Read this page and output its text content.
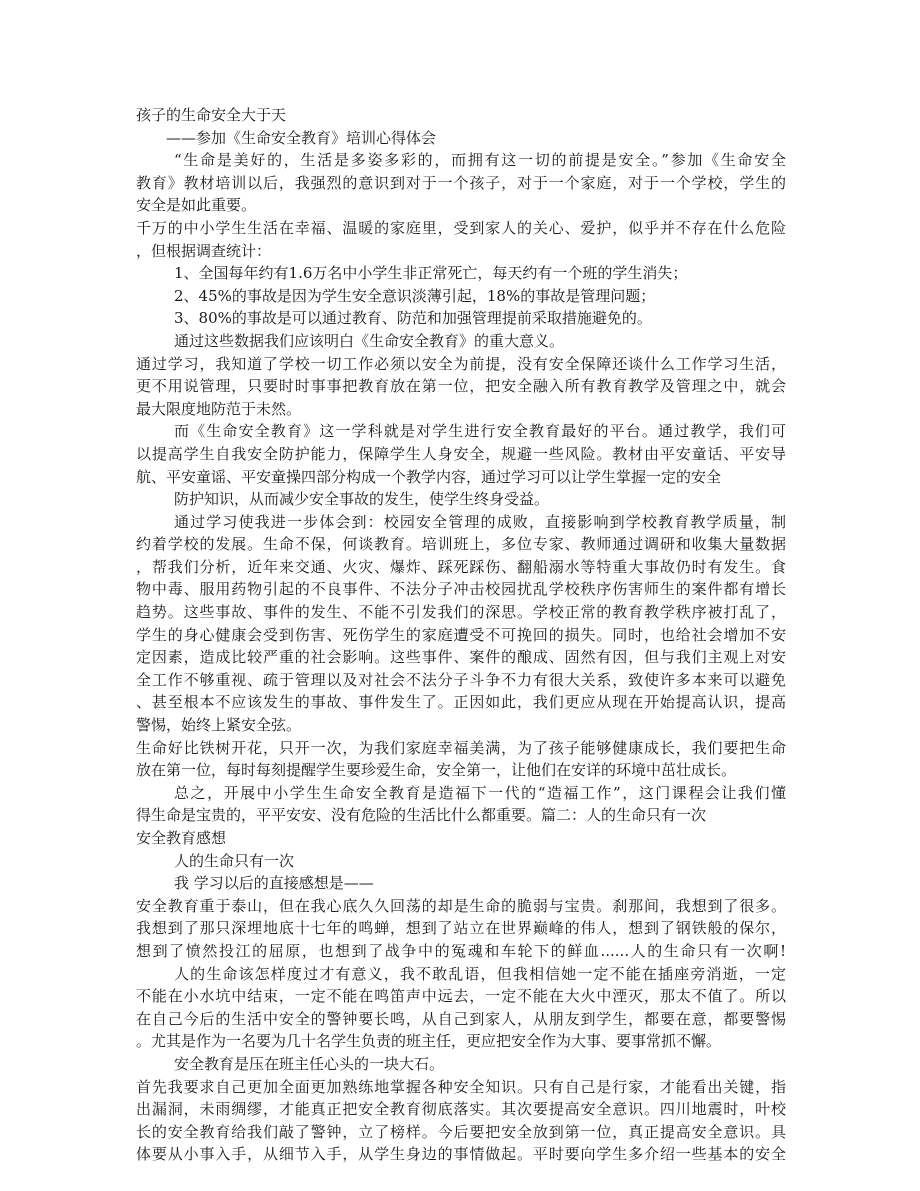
孩子的生命安全大于天
——参加《生命安全教育》培训心得体会
“生命是美好的，生活是多姿多彩的，而拥有这一切的前提是安全。”参加《生命安全
教育》教材培训以后，我强烈的意识到对于一个孩子，对于一个家庭，对于一个学校，学生的
安全是如此重要。
千万的中小学生生活在幸福、温暖的家庭里，受到家人的关心、爱护，似乎并不存在什么危险
，但根据调查统计：
1、全国每年约有1.6万名中小学生非正常死亡，每天约有一个班的学生消失；
2、45%的事故是因为学生安全意识淡薄引起，18%的事故是管理问题；
3、80%的事故是可以通过教育、防范和加强管理提前采取措施避免的。
通过这些数据我们应该明白《生命安全教育》的重大意义。
通过学习，我知道了学校一切工作必须以安全为前提，没有安全保障还谈什么工作学习生活，
更不用说管理，只要时时事事把教育放在第一位，把安全融入所有教育教学及管理之中，就会
最大限度地防范于未然。
而《生命安全教育》这一学科就是对学生进行安全教育最好的平台。通过教学，我们可
以提高学生自我安全防护能力，保障学生人身安全，规避一些风险。教材由平安童话、平安导
航、平安童谣、平安童操四部分构成一个教学内容，通过学习可以让学生掌握一定的安全
防护知识，从而减少安全事故的发生，使学生终身受益。
通过学习使我进一步体会到：校园安全管理的成败，直接影响到学校教育教学质量，制
约着学校的发展。生命不保，何谈教育。培训班上，多位专家、教师通过调研和收集大量数据
，帮我们分析，近年来交通、火灾、爆炸、踩死踩伤、翻船溺水等特重大事故仍时有发生。食
物中毒、服用药物引起的不良事件、不法分子冲击校园扰乱学校秩序伤害师生的案件都有增长
趋势。这些事故、事件的发生、不能不引发我们的深思。学校正常的教育教学秩序被打乱了，
学生的身心健康会受到伤害、死伤学生的家庭遭受不可挽回的损失。同时，也给社会增加不安
定因素，造成比较严重的社会影响。这些事件、案件的酿成、固然有因，但与我们主观上对安
全工作不够重视、疏于管理以及对社会不法分子斗争不力有很大关系，致使许多本来可以避免
、甚至根本不应该发生的事故、事件发生了。正因如此，我们更应从现在开始提高认识，提高
警惕，始终上紧安全弦。
生命好比铁树开花，只开一次，为我们家庭幸福美满，为了孩子能够健康成长，我们要把生命
放在第一位，每时每刻提醒学生要珍爱生命，安全第一，让他们在安详的环境中茁壮成长。
总之，开展中小学生生命安全教育是造福下一代的“造福工作”，这门课程会让我们懂
得生命是宝贵的，平平安安、没有危险的生活比什么都重要。篇二：人的生命只有一次
安全教育感想
人的生命只有一次
我 学习以后的直接感想是——
安全教育重于泰山，但在我心底久久回荡的却是生命的脆弱与宝贵。刹那间，我想到了很多。
我想到了那只深埋地底十七年的鸣蝉，想到了站立在世界巅峰的伟人，想到了钢铁般的保尔，
想到了愤然投江的屈原，也想到了战争中的冤魂和车轮下的鲜血......人的生命只有一次啊!
人的生命该怎样度过才有意义，我不敢乱语，但我相信她一定不能在插座旁消逝，一定
不能在小水坑中结束，一定不能在鸣笛声中远去，一定不能在大火中湮灭，那太不值了。所以
在自己今后的生活中安全的警钟要长鸣，从自己到家人，从朋友到学生，都要在意，都要警惕
。尤其是作为一名要为几十名学生负责的班主任，更应把安全作为大事、要事常抓不懈。
安全教育是压在班主任心头的一块大石。
首先我要求自己更加全面更加熟练地掌握各种安全知识。只有自己是行家，才能看出关键，指
出漏洞，未雨绸缪，才能真正把安全教育彻底落实。其次要提高安全意识。四川地震时，叶校
长的安全教育给我们敲了警钟，立了榜样。今后要把安全放到第一位，真正提高安全意识。具
体要从小事入手，从细节入手，从学生身边的事情做起。平时要向学生多介绍一些基本的安全
